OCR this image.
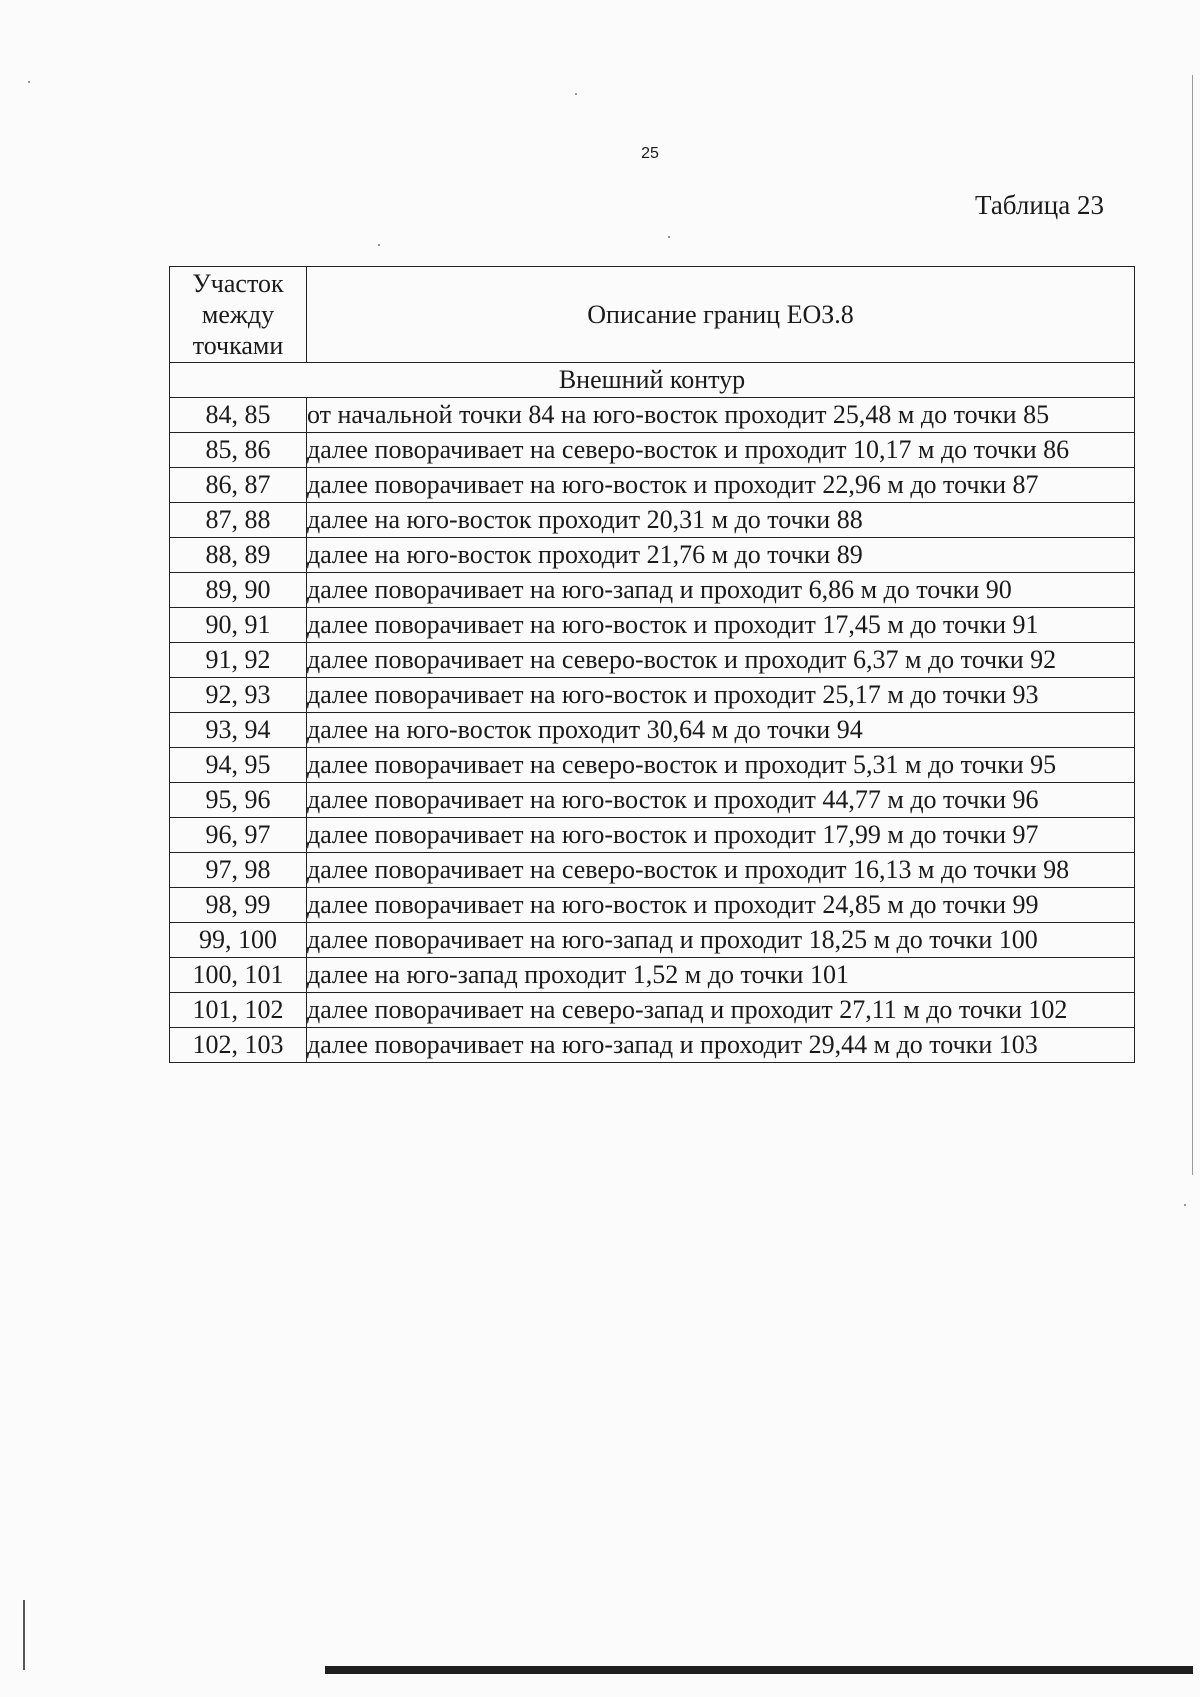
25
Таблица 23
Участок между точками	Описание границ ЕОЗ.8
Внешний контур	
84, 85	от начальной точки 84 на юго-восток проходит 25,48 м до точки 85
85, 86	далее поворачивает на северо-восток и проходит 10,17 м до точки 86
86, 87	далее поворачивает на юго-восток и проходит 22,96 м до точки 87
87, 88	далее на юго-восток проходит 20,31 м до точки 88
88, 89	далее на юго-восток проходит 21,76 м до точки 89
89, 90	далее поворачивает на юго-запад и проходит 6,86 м до точки 90
90, 91	далее поворачивает на юго-восток и проходит 17,45 м до точки 91
91, 92	далее поворачивает на северо-восток и проходит 6,37 м до точки 92
92, 93	далее поворачивает на юго-восток и проходит 25,17 м до точки 93
93, 94	далее на юго-восток проходит 30,64 м до точки 94
94, 95	далее поворачивает на северо-восток и проходит 5,31 м до точки 95
95, 96	далее поворачивает на юго-восток и проходит 44,77 м до точки 96
96, 97	далее поворачивает на юго-восток и проходит 17,99 м до точки 97
97, 98	далее поворачивает на северо-восток и проходит 16,13 м до точки 98
98, 99	далее поворачивает на юго-восток и проходит 24,85 м до точки 99
99, 100	далее поворачивает на юго-запад и проходит 18,25 м до точки 100
100, 101	далее на юго-запад проходит 1,52 м до точки 101
101, 102	далее поворачивает на северо-запад и проходит 27,11 м до точки 102
102, 103	далее поворачивает на юго-запад и проходит 29,44 м до точки 103
